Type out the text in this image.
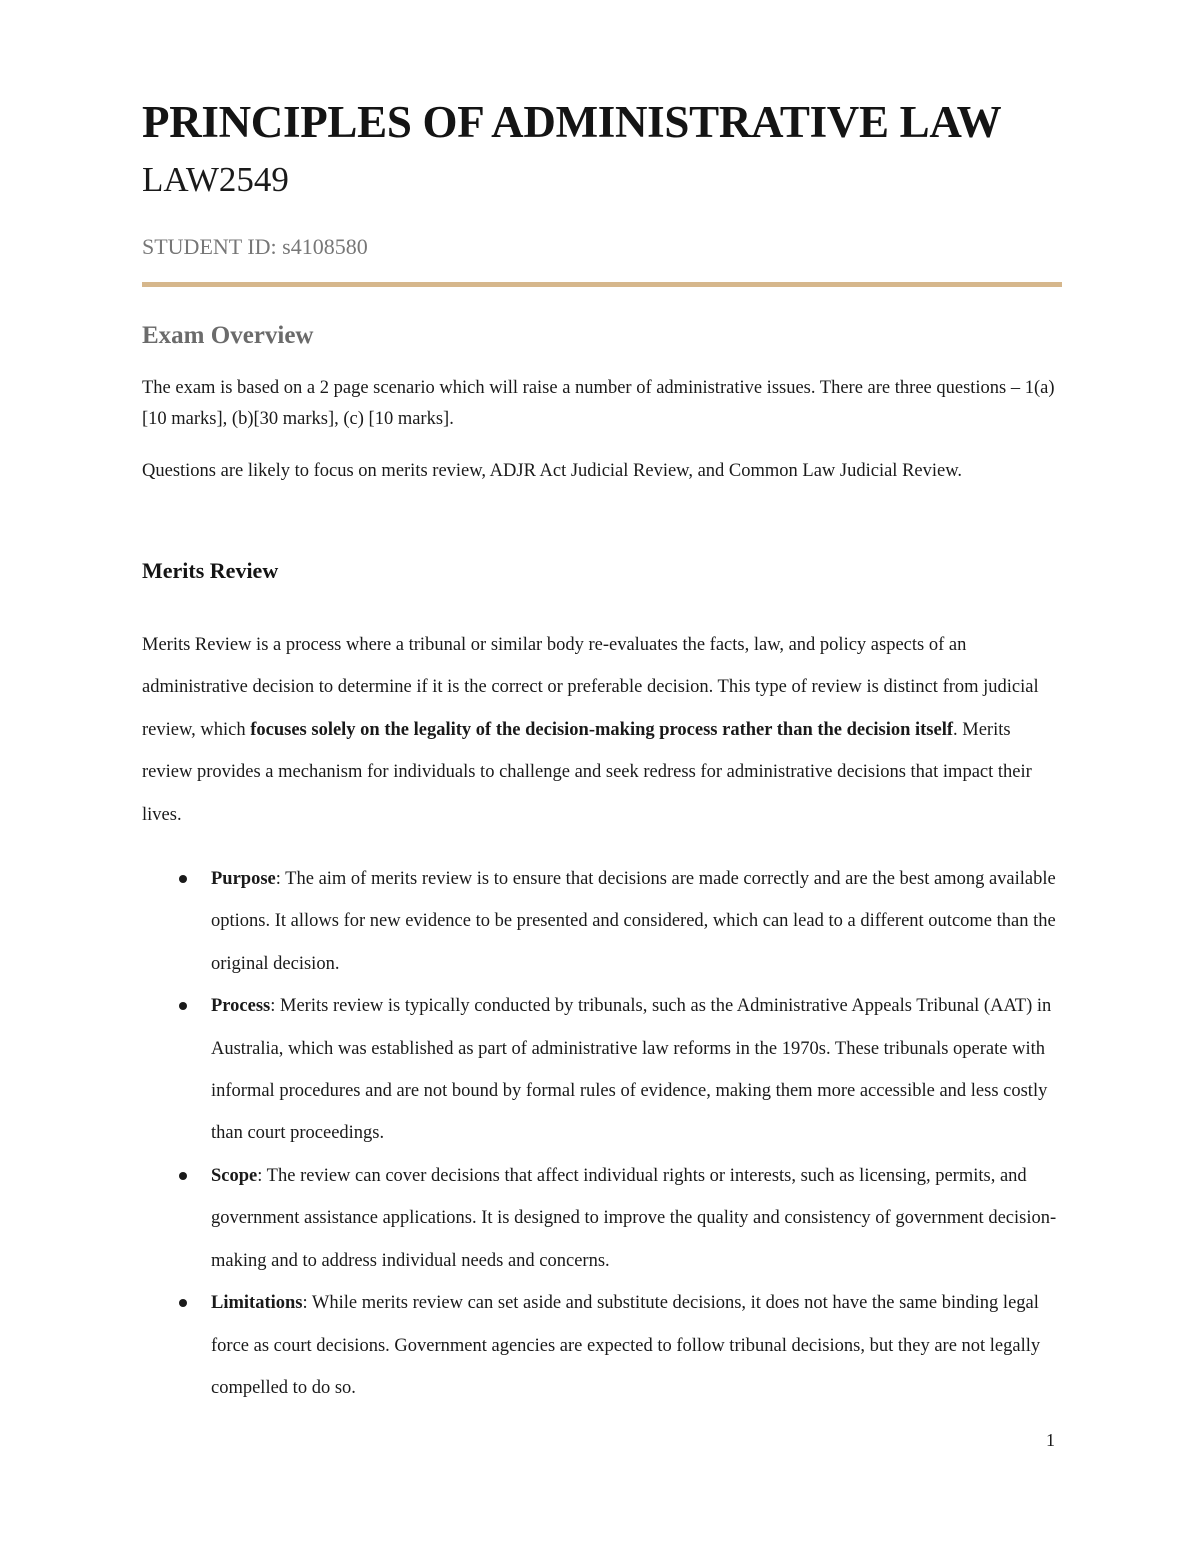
PRINCIPLES OF ADMINISTRATIVE LAW
LAW2549
STUDENT ID: s4108580
Exam Overview

The exam is based on a 2 page scenario which will raise a number of administrative issues. There are three questions – 1(a) [10 marks], (b)[30 marks], (c) [10 marks].

Questions are likely to focus on merits review, ADJR Act Judicial Review, and Common Law Judicial Review.

Merits Review

Merits Review is a process where a tribunal or similar body re-evaluates the facts, law, and policy aspects of an administrative decision to determine if it is the correct or preferable decision. This type of review is distinct from judicial review, which focuses solely on the legality of the decision-making process rather than the decision itself. Merits review provides a mechanism for individuals to challenge and seek redress for administrative decisions that impact their lives.

Purpose: The aim of merits review is to ensure that decisions are made correctly and are the best among available options. It allows for new evidence to be presented and considered, which can lead to a different outcome than the original decision.
Process: Merits review is typically conducted by tribunals, such as the Administrative Appeals Tribunal (AAT) in Australia, which was established as part of administrative law reforms in the 1970s. These tribunals operate with informal procedures and are not bound by formal rules of evidence, making them more accessible and less costly than court proceedings.
Scope: The review can cover decisions that affect individual rights or interests, such as licensing, permits, and government assistance applications. It is designed to improve the quality and consistency of government decision-making and to address individual needs and concerns.
Limitations: While merits review can set aside and substitute decisions, it does not have the same binding legal force as court decisions. Government agencies are expected to follow tribunal decisions, but they are not legally compelled to do so.
1
